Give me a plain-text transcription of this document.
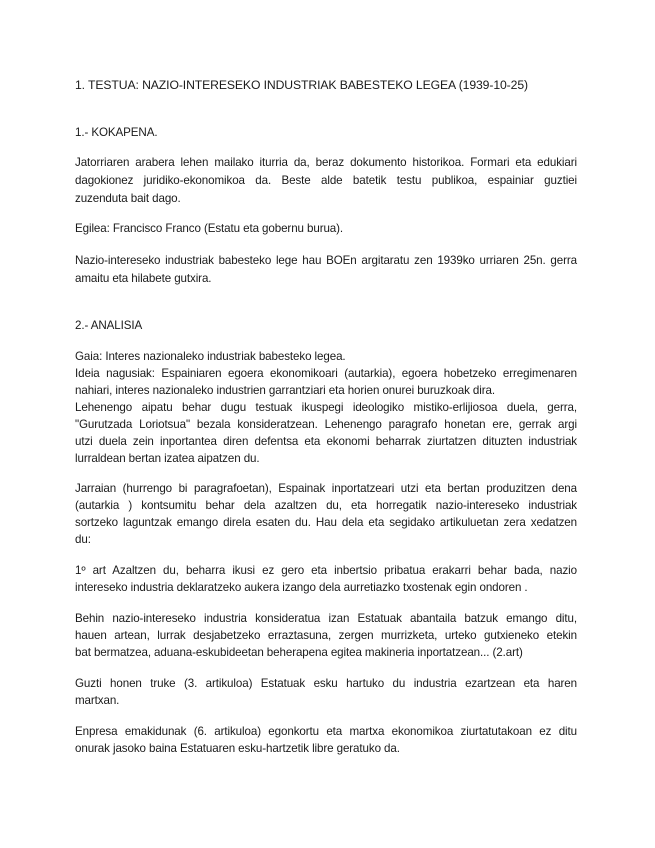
1. TESTUA: NAZIO-INTERESEKO INDUSTRIAK BABESTEKO LEGEA (1939-10-25)
1.- KOKAPENA.
Jatorriaren arabera lehen mailako iturria da, beraz dokumento historikoa. Formari eta edukiari
dagokionez juridiko-ekonomikoa da. Beste alde batetik testu publikoa, espainiar guztiei
zuzenduta bait dago.
Egilea: Francisco Franco (Estatu eta gobernu burua).
Nazio-intereseko industriak babesteko lege hau BOEn argitaratu zen 1939ko urriaren 25n. gerra
amaitu eta hilabete gutxira.
2.- ANALISIA
Gaia: Interes nazionaleko industriak babesteko legea.
Ideia nagusiak: Espainiaren egoera ekonomikoari (autarkia), egoera hobetzeko erregimenaren
nahiari, interes nazionaleko industrien garrantziari eta horien onurei buruzkoak dira.
Lehenengo aipatu behar dugu testuak ikuspegi ideologiko mistiko-erlijiosoa duela, gerra,
"Gurutzada Loriotsua" bezala konsideratzean. Lehenengo paragrafo honetan ere, gerrak argi
utzi duela zein inportantea diren defentsa eta ekonomi beharrak ziurtatzen dituzten industriak
lurraldean bertan izatea aipatzen du.
Jarraian (hurrengo bi paragrafoetan), Espainak inportatzeari utzi eta bertan produzitzen dena
(autarkia ) kontsumitu behar dela azaltzen du, eta horregatik nazio-intereseko industriak
sortzeko laguntzak emango direla esaten du. Hau dela eta segidako artikuluetan zera xedatzen
du:
1º art Azaltzen du, beharra ikusi ez gero eta inbertsio pribatua erakarri behar bada, nazio
intereseko industria deklaratzeko aukera izango dela aurretiazko txostenak egin ondoren .
Behin nazio-intereseko industria konsideratua izan Estatuak abantaila batzuk emango ditu,
hauen artean, lurrak desjabetzeko erraztasuna, zergen murrizketa, urteko gutxieneko etekin
bat bermatzea, aduana-eskubideetan beherapena egitea makineria inportatzean... (2.art)
Guzti honen truke (3. artikuloa) Estatuak esku hartuko du industria ezartzean eta haren
martxan.
Enpresa emakidunak (6. artikuloa) egonkortu eta martxa ekonomikoa ziurtatutakoan ez ditu
onurak jasoko baina Estatuaren esku-hartzetik libre geratuko da.
